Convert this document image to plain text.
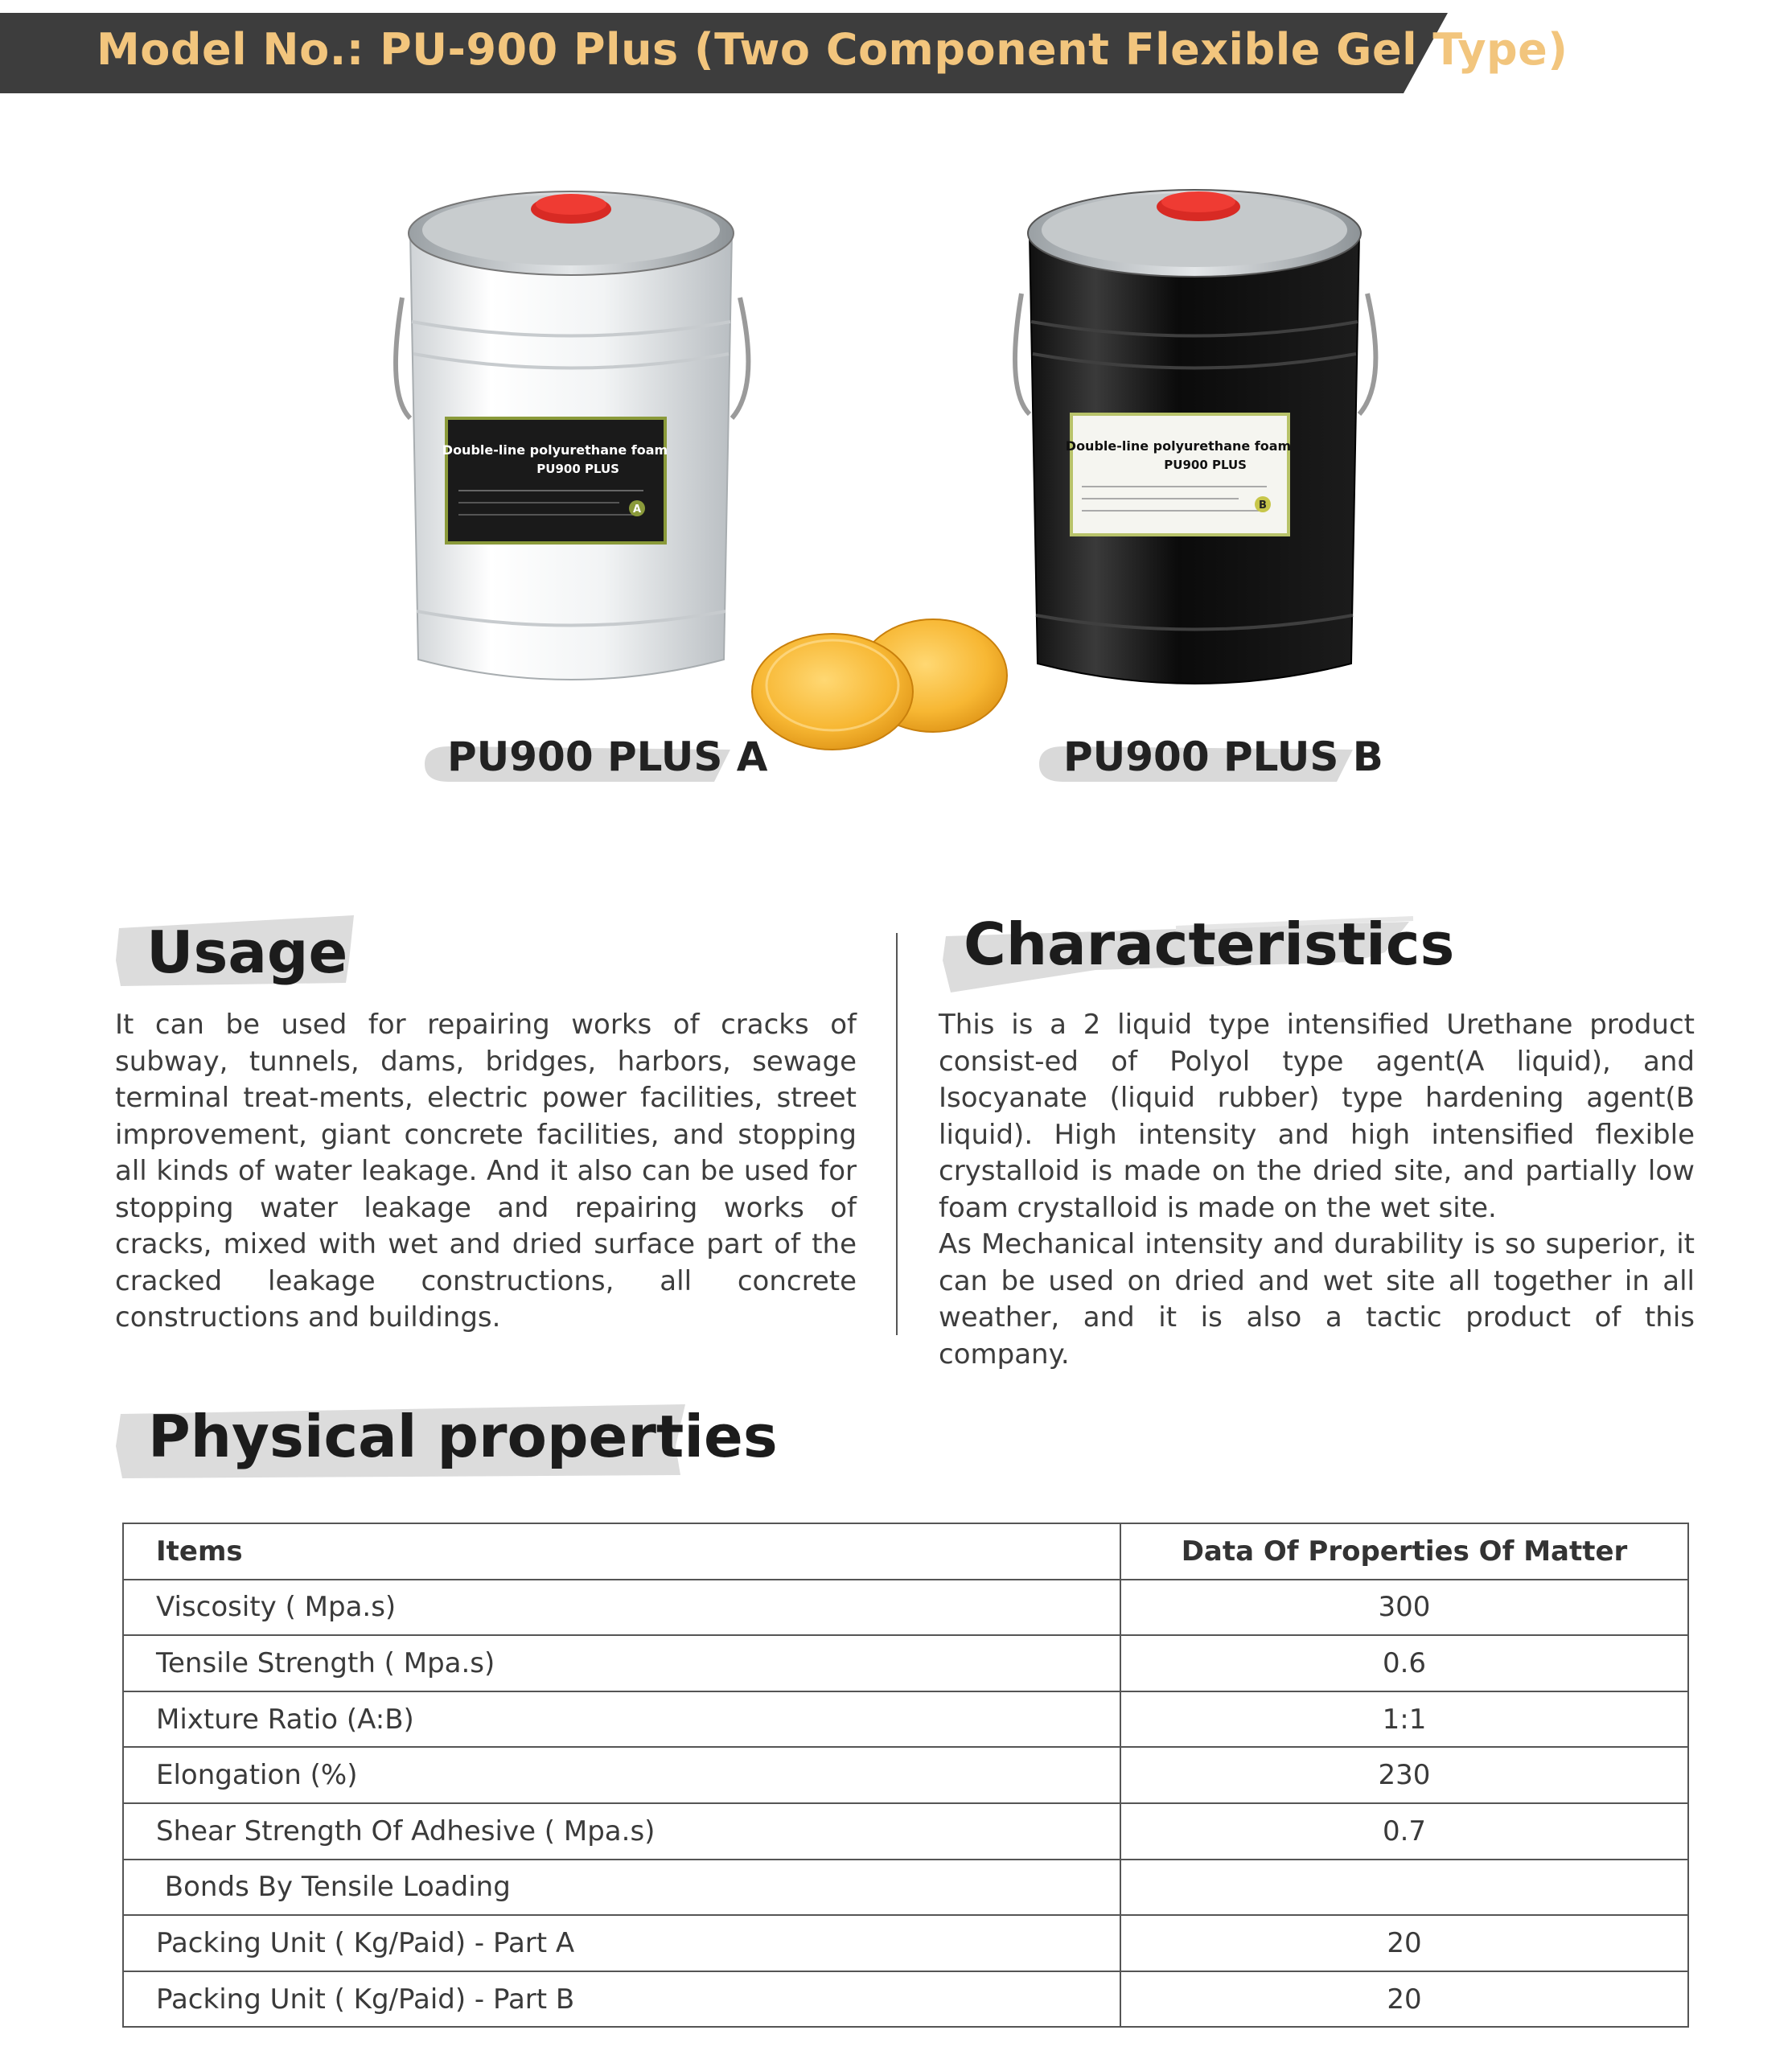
Model No.: PU-900 Plus (Two Component Flexible Gel Type)
Double-line polyurethane foam
PU900 PLUS
A
Double-line polyurethane foam
PU900 PLUS
B
PU900 PLUS A	PU900 PLUS B
Usage

It can be used for repairing works of cracks of subway, tunnels, dams, bridges, harbors, sewage terminal treat-ments, electric power facilities, street improvement, giant concrete facilities, and stopping all kinds of water leakage. And it also can be used for stopping water leakage and repairing works of cracks, mixed with wet and dried surface part of the cracked leakage constructions, all concrete constructions and buildings.

Characteristics

This is a 2 liquid type intensified Urethane product consist-ed of Polyol type agent(A liquid), and Isocyanate (liquid rubber) type hardening agent(B liquid). High intensity and high intensified flexible crystalloid is made on the dried site, and partially low foam crystalloid is made on the wet site.

As Mechanical intensity and durability is so superior, it can be used on dried and wet site all together in all weather, and it is also a tactic product of this company.

Physical properties
Items	Data Of Properties Of Matter
Viscosity ( Mpa.s)	300
Tensile Strength ( Mpa.s)	0.6
Mixture Ratio (A:B)	1:1
Elongation (%)	230
Shear Strength Of Adhesive ( Mpa.s)	0.7
Bonds By Tensile Loading	
Packing Unit ( Kg/Paid) - Part A	20
Packing Unit ( Kg/Paid) - Part B	20
